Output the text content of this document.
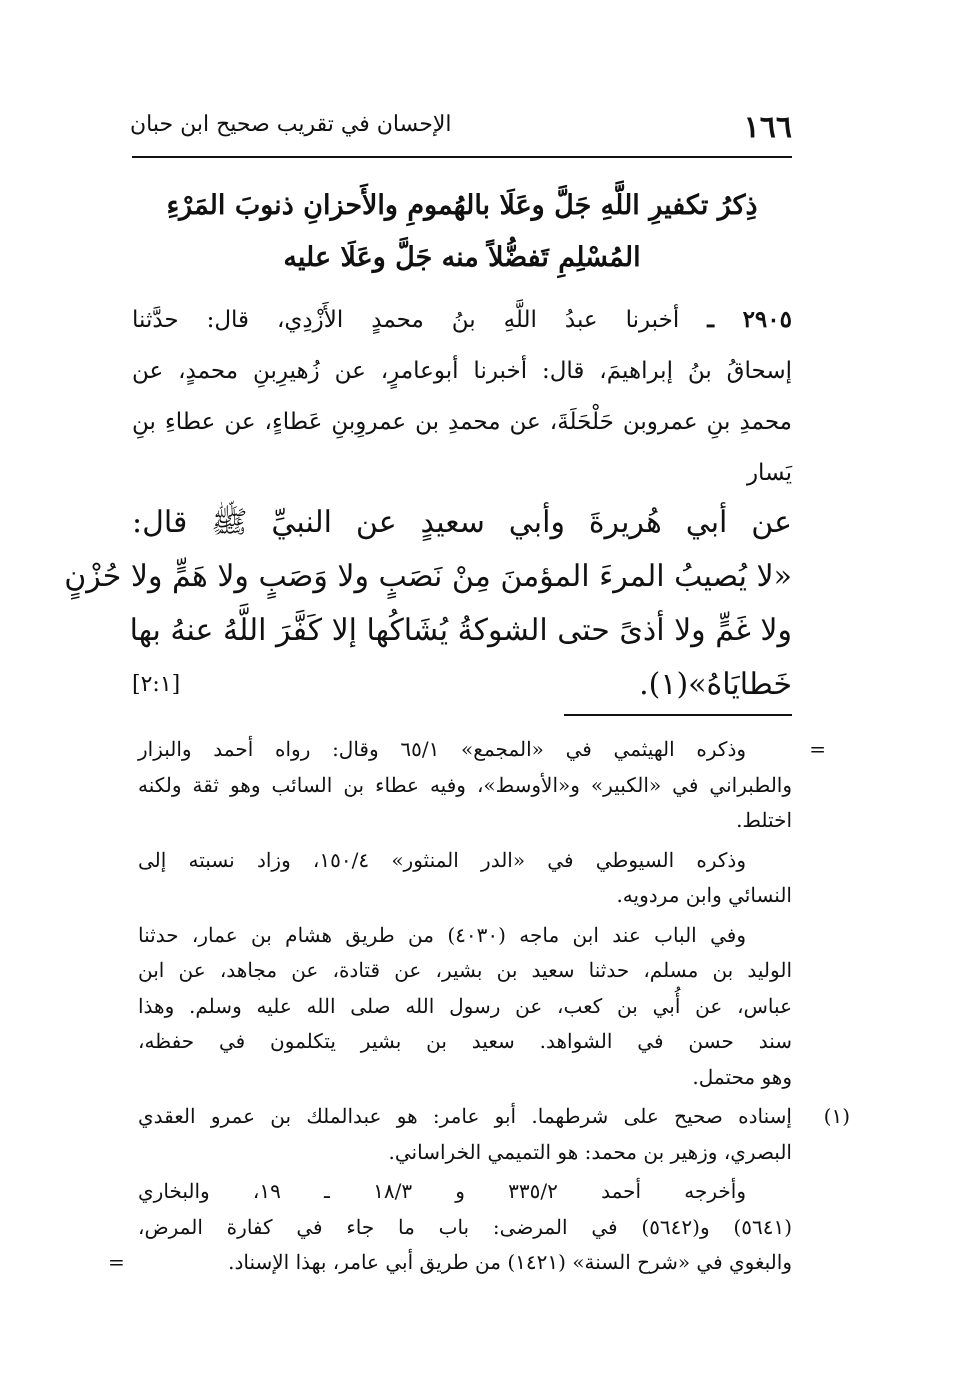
الإحسان في تقريب صحيح ابن حبان	١٦٦
ذِكرُ تكفيرِ اللَّهِ جَلَّ وعَلَا بالهُمومِ والأَحزانِ ذنوبَ المَرْءِ
المُسْلِمِ تَفضُّلاً منه جَلَّ وعَلَا عليه
٢٩٠٥ ـ أخبرنا عبدُ اللَّهِ بنُ محمدٍ الأَزْدِي، قال: حدَّثنا
إسحاقُ بنُ إبراهيمَ، قال: أخبرنا أبوعامرٍ، عن زُهيرِبنِ محمدٍ، عن
محمدِ بنِ عمروبن حَلْحَلَةَ، عن محمدِ بن عمروِبنِ عَطاءٍ، عن عطاءِ بنِ
يَسار
عن أبي هُريرةَ وأبي سعيدٍ عن النبيِّ ﷺ قال:
«لا يُصيبُ المرءَ المؤمنَ مِنْ نَصَبٍ ولا وَصَبٍ ولا هَمٍّ ولا حُزْنٍ
ولا غَمٍّ ولا أذىً حتى الشوكةُ يُشَاكُها إلا كَفَّرَ اللَّهُ عنهُ بها
خَطايَاهُ»(١).
[٢:١]
=
وذكره الهيثمي في «المجمع» ٦٥/١ وقال: رواه أحمد والبزار
والطبراني في «الكبير» و«الأوسط»، وفيه عطاء بن السائب وهو ثقة ولكنه
اختلط.
وذكره السيوطي في «الدر المنثور» ١٥٠/٤، وزاد نسبته إلى
النسائي وابن مردويه.
وفي الباب عند ابن ماجه (٤٠٣٠) من طريق هشام بن عمار، حدثنا
الوليد بن مسلم، حدثنا سعيد بن بشير، عن قتادة، عن مجاهد، عن ابن
عباس، عن أُبي بن كعب، عن رسول الله صلى الله عليه وسلم. وهذا
سند حسن في الشواهد. سعيد بن بشير يتكلمون في حفظه،
وهو محتمل.
(١)
إسناده صحيح على شرطهما. أبو عامر: هو عبدالملك بن عمرو العقدي
البصري، وزهير بن محمد: هو التميمي الخراساني.
وأخرجه أحمد ٣٣٥/٢ و ١٨/٣ ـ ١٩، والبخاري
(٥٦٤١) و(٥٦٤٢) في المرضى: باب ما جاء في كفارة المرض،
والبغوي في «شرح السنة» (١٤٢١) من طريق أبي عامر، بهذا الإسناد.
=
